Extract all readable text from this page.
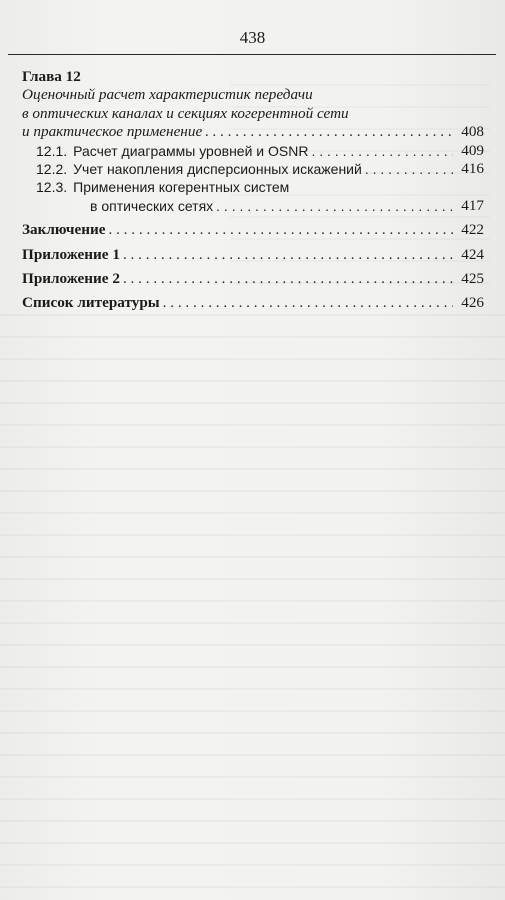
438
Глава 12
Оценочный расчет характеристик передачи
в оптических каналах и секциях когерентной сети
и практическое применение . . .	408
12.1. Расчет диаграммы уровней и OSNR . . .	409
12.2. Учет накопления дисперсионных искажений . . .	416
12.3. Применения когерентных систем
в оптических сетях . . .	417
Заключение . . .	422
Приложение 1 . . .	424
Приложение 2 . . .	425
Список литературы . . .	426
